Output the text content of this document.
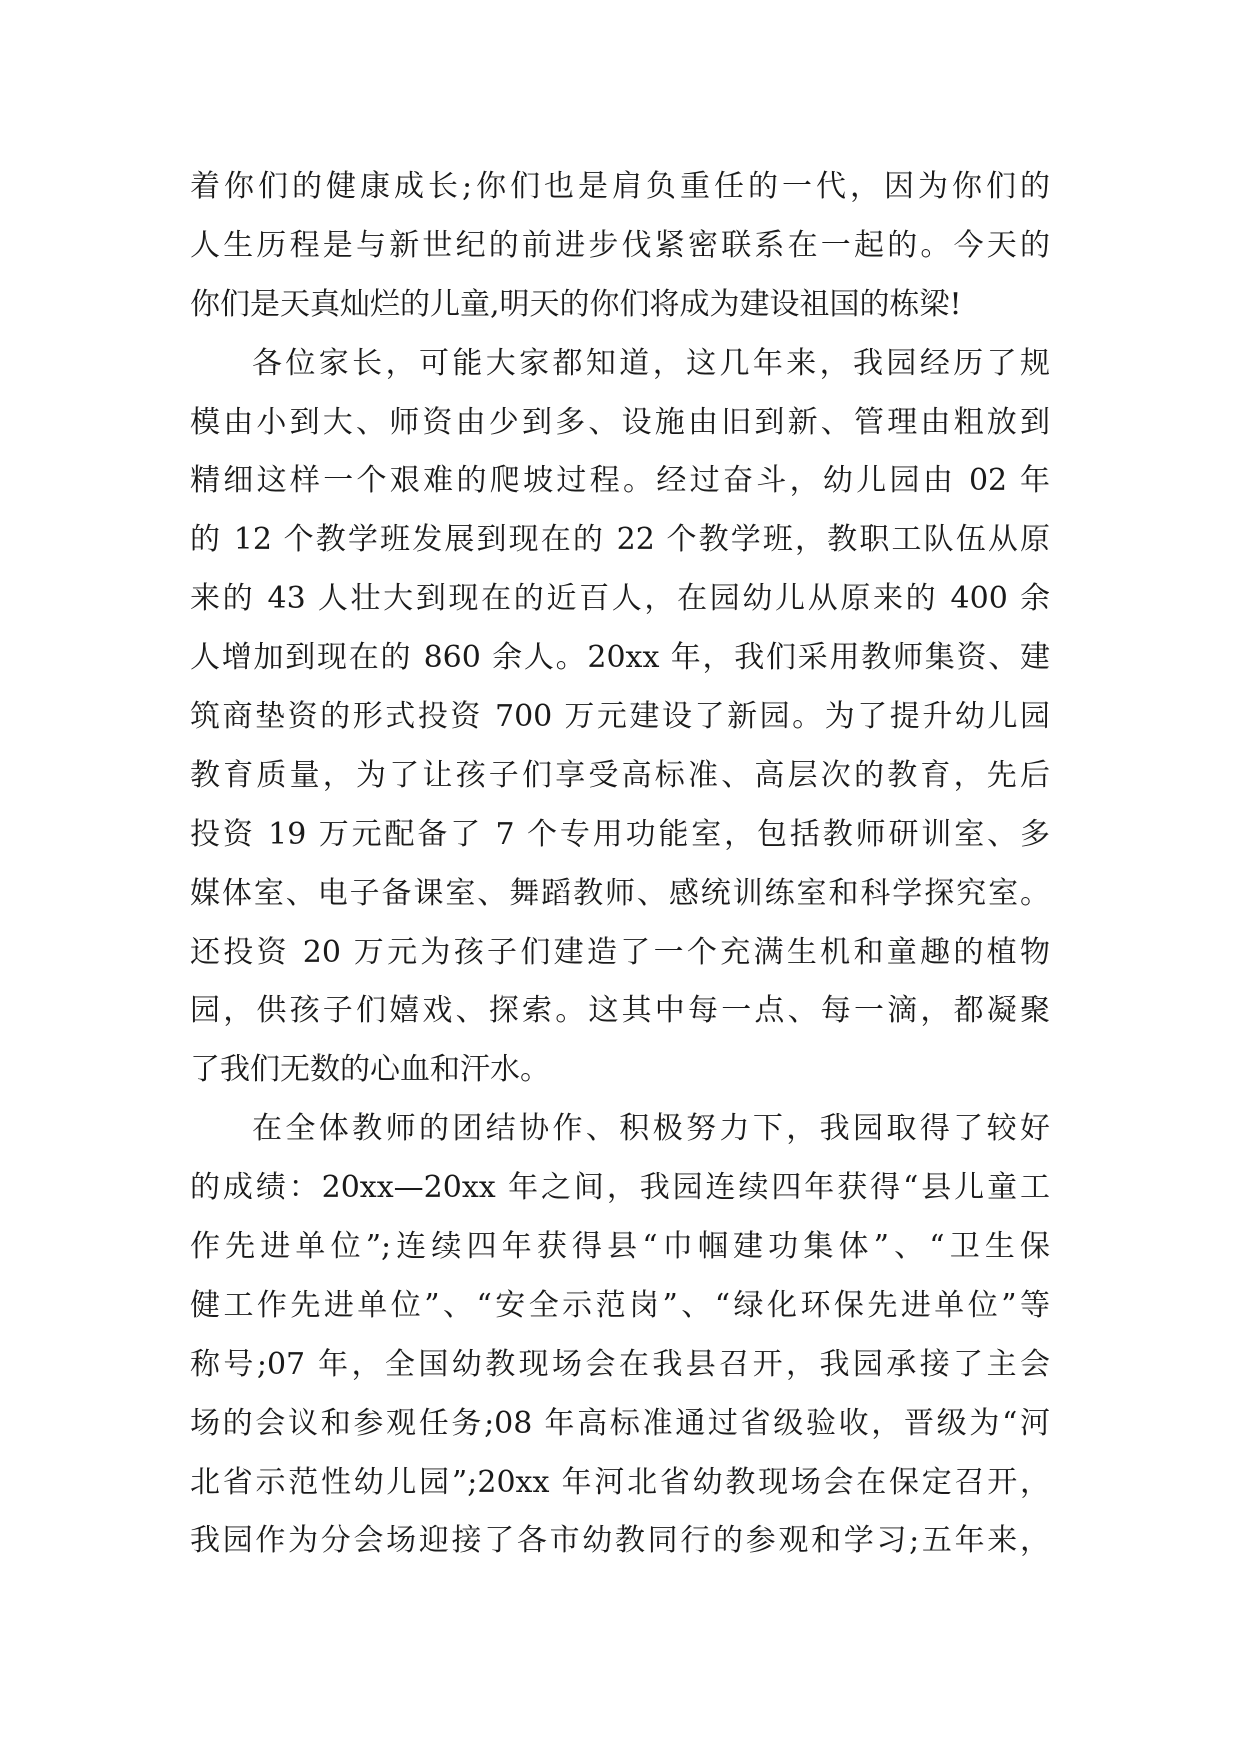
着你们的健康成长;你们也是肩负重任的一代，因为你们的
人生历程是与新世纪的前进步伐紧密联系在一起的。今天的
你们是天真灿烂的儿童,明天的你们将成为建设祖国的栋梁!
各位家长，可能大家都知道，这几年来，我园经历了规
模由小到大、师资由少到多、设施由旧到新、管理由粗放到
精细这样一个艰难的爬坡过程。经过奋斗，幼儿园由 02 年
的 12 个教学班发展到现在的 22 个教学班，教职工队伍从原
来的 43 人壮大到现在的近百人，在园幼儿从原来的 400 余
人增加到现在的 860 余人。20xx 年，我们采用教师集资、建
筑商垫资的形式投资 700 万元建设了新园。为了提升幼儿园
教育质量，为了让孩子们享受高标准、高层次的教育，先后
投资 19 万元配备了 7 个专用功能室，包括教师研训室、多
媒体室、电子备课室、舞蹈教师、感统训练室和科学探究室。
还投资 20 万元为孩子们建造了一个充满生机和童趣的植物
园，供孩子们嬉戏、探索。这其中每一点、每一滴，都凝聚
了我们无数的心血和汗水。
在全体教师的团结协作、积极努力下，我园取得了较好
的成绩：20xx—20xx 年之间，我园连续四年获得“县儿童工
作先进单位”;连续四年获得县“巾帼建功集体”、“卫生保
健工作先进单位”、“安全示范岗”、“绿化环保先进单位”等
称号;07 年，全国幼教现场会在我县召开，我园承接了主会
场的会议和参观任务;08 年高标准通过省级验收，晋级为“河
北省示范性幼儿园”;20xx 年河北省幼教现场会在保定召开，
我园作为分会场迎接了各市幼教同行的参观和学习;五年来，
